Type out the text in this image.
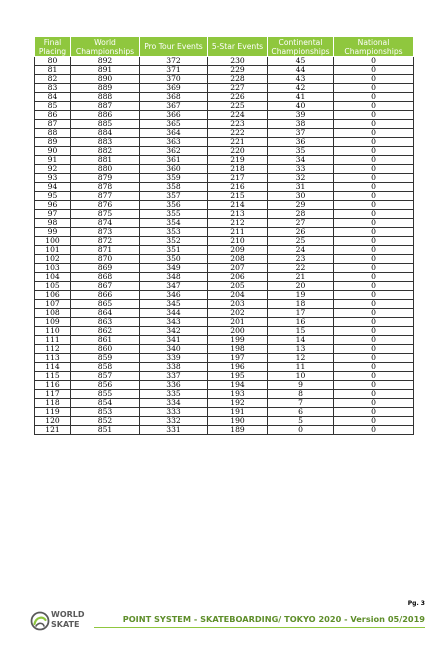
Final Placing	World Championships	Pro Tour Events	5-Star Events	Continental Championships	National Championships
80	892	372	230	45	0
81	891	371	229	44	0
82	890	370	228	43	0
83	889	369	227	42	0
84	888	368	226	41	0
85	887	367	225	40	0
86	886	366	224	39	0
87	885	365	223	38	0
88	884	364	222	37	0
89	883	363	221	36	0
90	882	362	220	35	0
91	881	361	219	34	0
92	880	360	218	33	0
93	879	359	217	32	0
94	878	358	216	31	0
95	877	357	215	30	0
96	876	356	214	29	0
97	875	355	213	28	0
98	874	354	212	27	0
99	873	353	211	26	0
100	872	352	210	25	0
101	871	351	209	24	0
102	870	350	208	23	0
103	869	349	207	22	0
104	868	348	206	21	0
105	867	347	205	20	0
106	866	346	204	19	0
107	865	345	203	18	0
108	864	344	202	17	0
109	863	343	201	16	0
110	862	342	200	15	0
111	861	341	199	14	0
112	860	340	198	13	0
113	859	339	197	12	0
114	858	338	196	11	0
115	857	337	195	10	0
116	856	336	194	9	0
117	855	335	193	8	0
118	854	334	192	7	0
119	853	333	191	6	0
120	852	332	190	5	0
121	851	331	189	0	0
Pg. 3
WORLD
SKATE
POINT SYSTEM - SKATEBOARDING/ TOKYO 2020 - Version 05/2019
